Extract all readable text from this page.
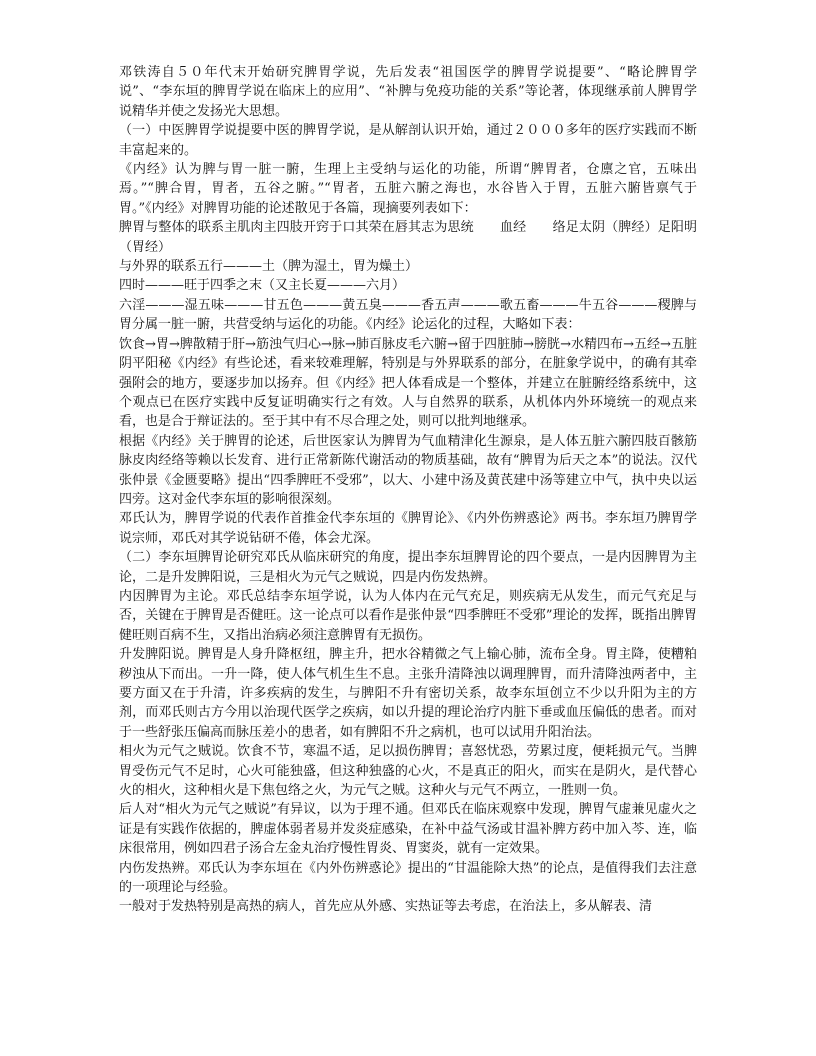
邓铁涛自５０年代末开始研究脾胃学说，先后发表“祖国医学的脾胃学说提要”、“略论脾胃学说”、“李东垣的脾胃学说在临床上的应用”、“补脾与免疫功能的关系”等论著，体现继承前人脾胃学说精华并使之发扬光大思想。

（一）中医脾胃学说提要中医的脾胃学说，是从解剖认识开始，通过２０００多年的医疗实践而不断丰富起来的。

《内经》认为脾与胃一脏一腑，生理上主受纳与运化的功能，所谓“脾胃者，仓廪之官，五味出焉。”“脾合胃，胃者，五谷之腑。”“胃者，五脏六腑之海也，水谷皆入于胃，五脏六腑皆禀气于胃。”《内经》对脾胃功能的论述散见于各篇，现摘要列表如下：

脾胃与整体的联系主肌肉主四肢开窍于口其荣在唇其志为思统　　血经　　络足太阴（脾经）足阳明（胃经）

与外界的联系五行———土（脾为湿土，胃为燥土）

四时———旺于四季之末（又主长夏———六月）

六淫———湿五味———甘五色———黄五臭———香五声———歌五畜———牛五谷———稷脾与胃分属一脏一腑，共营受纳与运化的功能。《内经》论运化的过程，大略如下表：

饮食→胃→脾散精于肝→筋浊气归心→脉→肺百脉皮毛六腑→留于四脏肺→膀胱→水精四布→五经→五脏阴平阳秘《内经》有些论述，看来较难理解，特别是与外界联系的部分，在脏象学说中，的确有其牵强附会的地方，要逐步加以扬弃。但《内经》把人体看成是一个整体，并建立在脏腑经络系统中，这个观点已在医疗实践中反复证明确实行之有效。人与自然界的联系，从机体内外环境统一的观点来看，也是合于辩证法的。至于其中有不尽合理之处，则可以批判地继承。

根据《内经》关于脾胃的论述，后世医家认为脾胃为气血精津化生源泉，是人体五脏六腑四肢百骸筋脉皮肉经络等赖以长发育、进行正常新陈代谢活动的物质基础，故有“脾胃为后天之本”的说法。汉代张仲景《金匮要略》提出“四季脾旺不受邪”，以大、小建中汤及黄芪建中汤等建立中气，执中央以运四旁。这对金代李东垣的影响很深刻。

邓氏认为，脾胃学说的代表作首推金代李东垣的《脾胃论》、《内外伤辨惑论》两书。李东垣乃脾胃学说宗师，邓氏对其学说钻研不倦，体会尤深。

（二）李东垣脾胃论研究邓氏从临床研究的角度，提出李东垣脾胃论的四个要点，一是内因脾胃为主论，二是升发脾阳说，三是相火为元气之贼说，四是内伤发热辨。

内因脾胃为主论。邓氏总结李东垣学说，认为人体内在元气充足，则疾病无从发生，而元气充足与否，关键在于脾胃是否健旺。这一论点可以看作是张仲景“四季脾旺不受邪”理论的发挥，既指出脾胃健旺则百病不生，又指出治病必须注意脾胃有无损伤。

升发脾阳说。脾胃是人身升降枢纽，脾主升，把水谷精微之气上输心肺，流布全身。胃主降，使糟粕秽浊从下而出。一升一降，使人体气机生生不息。主张升清降浊以调理脾胃，而升清降浊两者中，主要方面又在于升清，许多疾病的发生，与脾阳不升有密切关系，故李东垣创立不少以升阳为主的方剂，而邓氏则古方今用以治现代医学之疾病，如以升提的理论治疗内脏下垂或血压偏低的患者。而对于一些舒张压偏高而脉压差小的患者，如有脾阳不升之病机，也可以试用升阳治法。

相火为元气之贼说。饮食不节，寒温不适，足以损伤脾胃；喜怒忧恐，劳累过度，便耗损元气。当脾胃受伤元气不足时，心火可能独盛，但这种独盛的心火，不是真正的阳火，而实在是阴火，是代替心火的相火，这种相火是下焦包络之火，为元气之贼。这种火与元气不两立，一胜则一负。

后人对“相火为元气之贼说”有异议，以为于理不通。但邓氏在临床观察中发现，脾胃气虚兼见虚火之证是有实践作依据的，脾虚体弱者易并发炎症感染，在补中益气汤或甘温补脾方药中加入芩、连，临床很常用，例如四君子汤合左金丸治疗慢性胃炎、胃窦炎，就有一定效果。

内伤发热辨。邓氏认为李东垣在《内外伤辨惑论》提出的“甘温能除大热”的论点，是值得我们去注意的一项理论与经验。

一般对于发热特别是高热的病人，首先应从外感、实热证等去考虑，在治法上，多从解表、清
